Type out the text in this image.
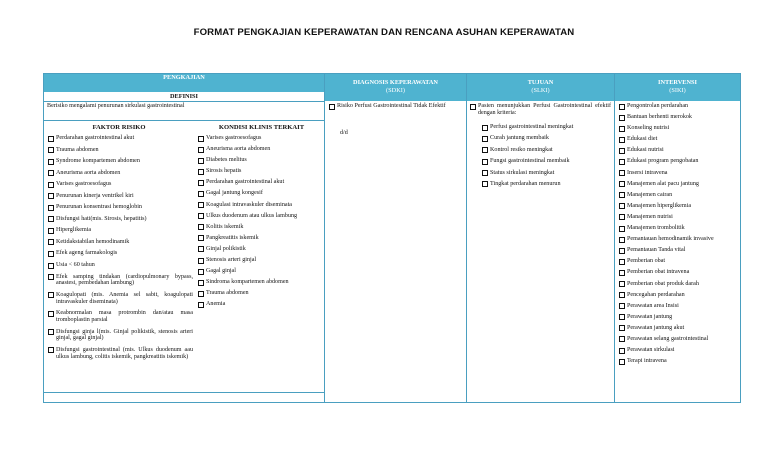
FORMAT PENGKAJIAN KEPERAWATAN DAN RENCANA ASUHAN KEPERAWATAN
PENGKAJIAN
DEFINISI
DIAGNOSIS KEPERAWATAN
(SDKI)
TUJUAN
(SLKI)
INTERVENSI
(SIKI)
Berisiko mengalami penurunan sirkulasi gastrointestinal
FAKTOR RISIKO	KONDISI KLINIS TERKAIT
Perdarahan gastrointestinal akut
Trauma abdomen
Syndrome kompartemen abdomen
Aneurisma aorta abdomen
Varises gastroesofagus
Penurunan kinerja ventrikel kiri
Penurunan konsentrasi hemoglobin
Disfungsi hati(mis. Sirosis, hepatitis)
Hiperglikemia
Ketidakstabilan hemodinamik
Efek ageng farmakologis
Usia < 60 tahun
Efek samping tindakan (cardiopulmonary bypass, anastesi, pembedahan lambung)
Koagulopati (mis. Anemia sel sabit, koagulopati intravaskuler diseminata)
Keabnormalan masa protrombin dan/atau masa tromboplastin parsial
Disfungsi ginja l(mis. Ginjal polikistik, stenosis arteri ginjal, gagal ginjal)
Disfungsi gastrointestinal (mis. Ulkus duodenum aau ulkus lambung, colitis iskemik, pangkreatitis iskemik)
Varises gastroesofagus
Aneurisma aorta abdomen
Diabetes melitus
Sirosis hepatis
Perdarahan gastrointestinal akut
Gagal jantung kongesif
Koagulasi intravaskuler diseminata
Ulkus duodenum atau ulkus lambung
Kolitis iskemik
Pangkreatitis iskemik
Ginjal polikistik
Stenosis arteri ginjal
Gagal ginjal
Sindroma kompartemen abdomen
Trauma abdomen
Anemia
Risiko Perfusi Gastrointestinal Tidak Efektif
d/d
Pasien menunjukkan Perfusi Gastrointestinal efektif dengan kriteria:
Perfusi gastrointestinal meningkat
Curah jantung membaik
Kontrol resiko meningkat
Fungsi gastrointestinal membaik
Status sirkulasi meningkat
Tingkat perdarahan menurun
Pengontrolan perdarahan
Bantuan berhenti merokok
Konseling nutrisi
Edukasi diet
Edukasi nutrisi
Edukasi program pengobatan
Insersi intravena
Manajemen alat pacu jantung
Manajemen cairan
Manajemen hiperglikemia
Manajemen nutrisi
Manajemen trombolitik
Pemantauan hemodinamik invasive
Pemantauan Tanda vital
Pemberian obat
Pemberian obat intravena
Pemberian obat produk darah
Pencegahan perdarahan
Perawatan area Insisi
Perawatan jantung
Perawatan jantung akut
Perawatan selang gastrointestinal
Perawatan sirkulasi
Terapi intravena
